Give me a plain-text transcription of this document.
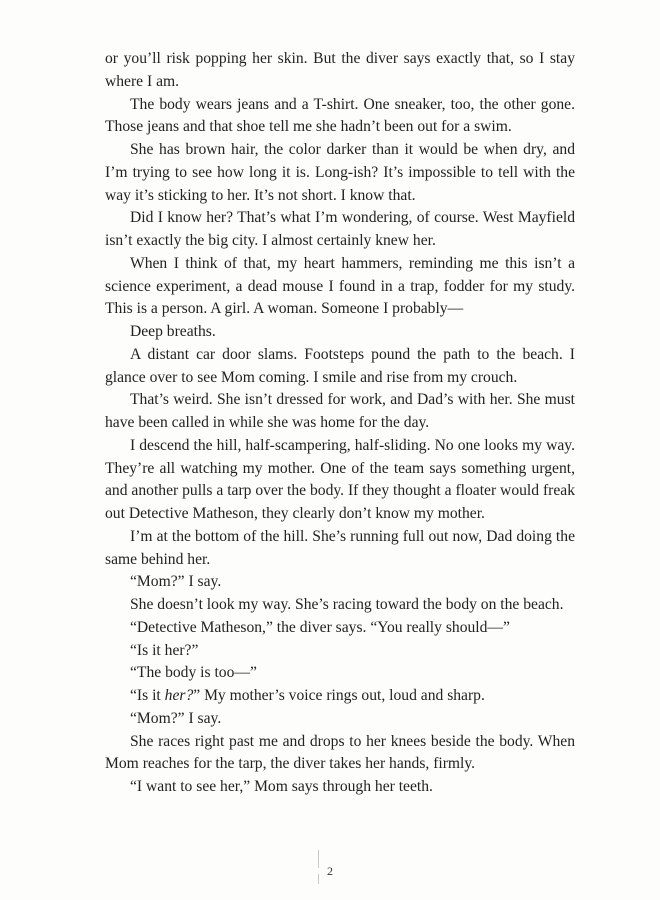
or you’ll risk popping her skin. But the diver says exactly that, so I stay where I am.

The body wears jeans and a T-shirt. One sneaker, too, the other gone. Those jeans and that shoe tell me she hadn’t been out for a swim.

She has brown hair, the color darker than it would be when dry, and I’m trying to see how long it is. Long-ish? It’s impossible to tell with the way it’s sticking to her. It’s not short. I know that.

Did I know her? That’s what I’m wondering, of course. West Mayfield isn’t exactly the big city. I almost certainly knew her.

When I think of that, my heart hammers, reminding me this isn’t a science experiment, a dead mouse I found in a trap, fodder for my study. This is a person. A girl. A woman. Someone I probably—

Deep breaths.

A distant car door slams. Footsteps pound the path to the beach. I glance over to see Mom coming. I smile and rise from my crouch.

That’s weird. She isn’t dressed for work, and Dad’s with her. She must have been called in while she was home for the day.

I descend the hill, half-scampering, half-sliding. No one looks my way. They’re all watching my mother. One of the team says something urgent, and another pulls a tarp over the body. If they thought a floater would freak out Detective Matheson, they clearly don’t know my mother.

I’m at the bottom of the hill. She’s running full out now, Dad doing the same behind her.

“Mom?” I say.

She doesn’t look my way. She’s racing toward the body on the beach.

“Detective Matheson,” the diver says. “You really should—”

“Is it her?”

“The body is too—”

“Is it her?” My mother’s voice rings out, loud and sharp.

“Mom?” I say.

She races right past me and drops to her knees beside the body. When Mom reaches for the tarp, the diver takes her hands, firmly.

“I want to see her,” Mom says through her teeth.

2
